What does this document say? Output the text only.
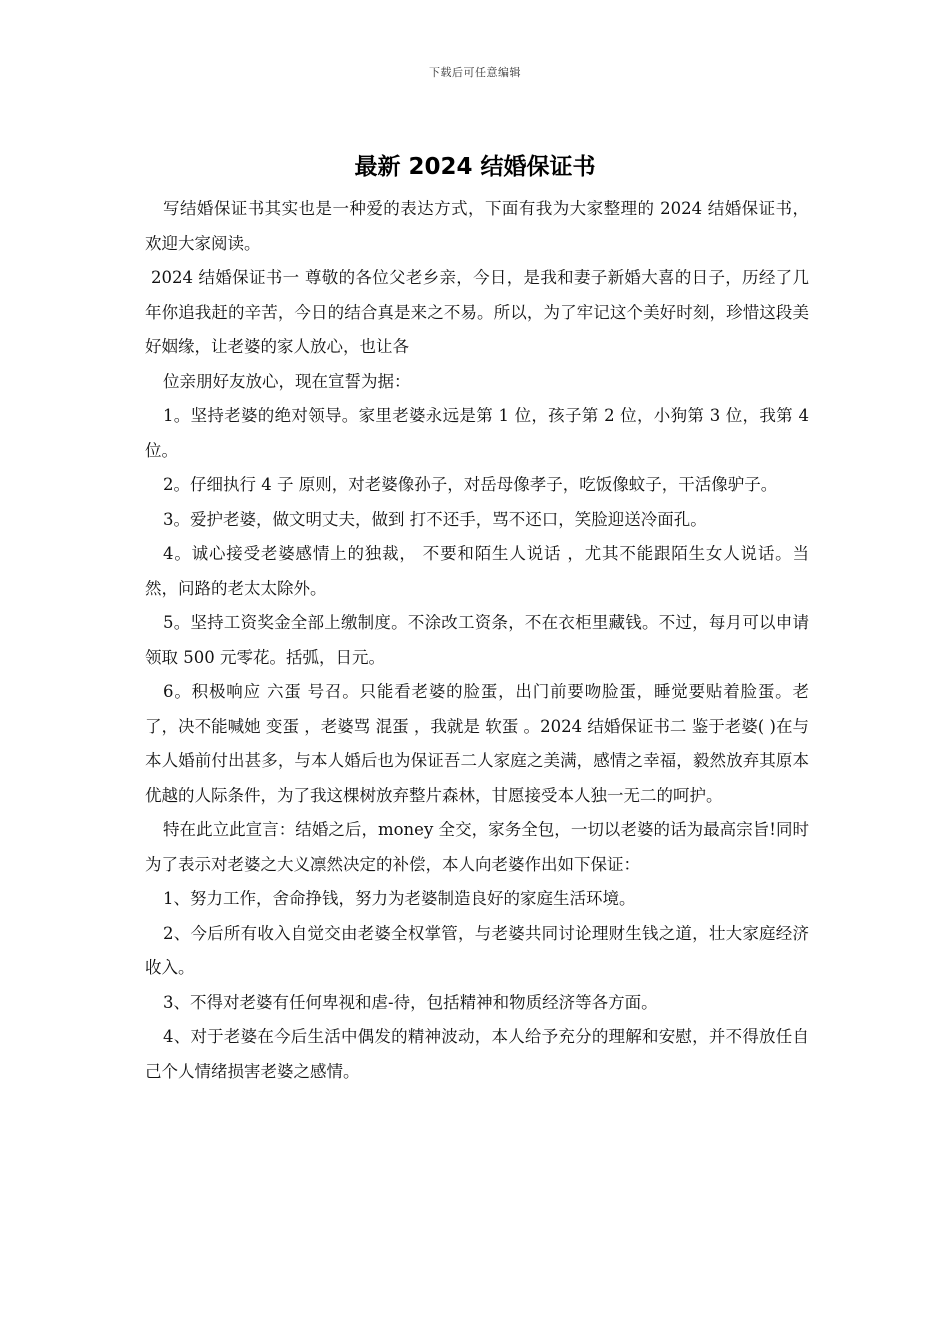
下载后可任意编辑
最新 2024 结婚保证书

写结婚保证书其实也是一种爱的表达方式，下面有我为大家整理的 2024 结婚保证书，欢迎大家阅读。

2024 结婚保证书一 尊敬的各位父老乡亲，今日，是我和妻子新婚大喜的日子，历经了几年你追我赶的辛苦，今日的结合真是来之不易。所以，为了牢记这个美好时刻，珍惜这段美好姻缘，让老婆的家人放心，也让各

位亲朋好友放心，现在宣誓为据：

1。坚持老婆的绝对领导。家里老婆永远是第 1 位，孩子第 2 位，小狗第 3 位，我第 4 位。

2。仔细执行 4 子 原则，对老婆像孙子，对岳母像孝子，吃饭像蚊子，干活像驴子。

3。爱护老婆，做文明丈夫，做到 打不还手，骂不还口，笑脸迎送冷面孔。

4。诚心接受老婆感情上的独裁， 不要和陌生人说话 ，尤其不能跟陌生女人说话。当然，问路的老太太除外。

5。坚持工资奖金全部上缴制度。不涂改工资条，不在衣柜里藏钱。不过，每月可以申请领取 500 元零花。括弧，日元。

6。积极响应 六蛋 号召。只能看老婆的脸蛋，出门前要吻脸蛋，睡觉要贴着脸蛋。老了，决不能喊她 变蛋 ，老婆骂 混蛋 ，我就是 软蛋 。2024 结婚保证书二 鉴于老婆( )在与本人婚前付出甚多，与本人婚后也为保证吾二人家庭之美满，感情之幸福，毅然放弃其原本优越的人际条件，为了我这棵树放弃整片森林，甘愿接受本人独一无二的呵护。

特在此立此宣言：结婚之后，money 全交，家务全包，一切以老婆的话为最高宗旨!同时为了表示对老婆之大义凛然决定的补偿，本人向老婆作出如下保证：

1、努力工作，舍命挣钱，努力为老婆制造良好的家庭生活环境。

2、今后所有收入自觉交由老婆全权掌管，与老婆共同讨论理财生钱之道，壮大家庭经济收入。

3、不得对老婆有任何卑视和虐-待，包括精神和物质经济等各方面。

4、对于老婆在今后生活中偶发的精神波动，本人给予充分的理解和安慰，并不得放任自己个人情绪损害老婆之感情。
